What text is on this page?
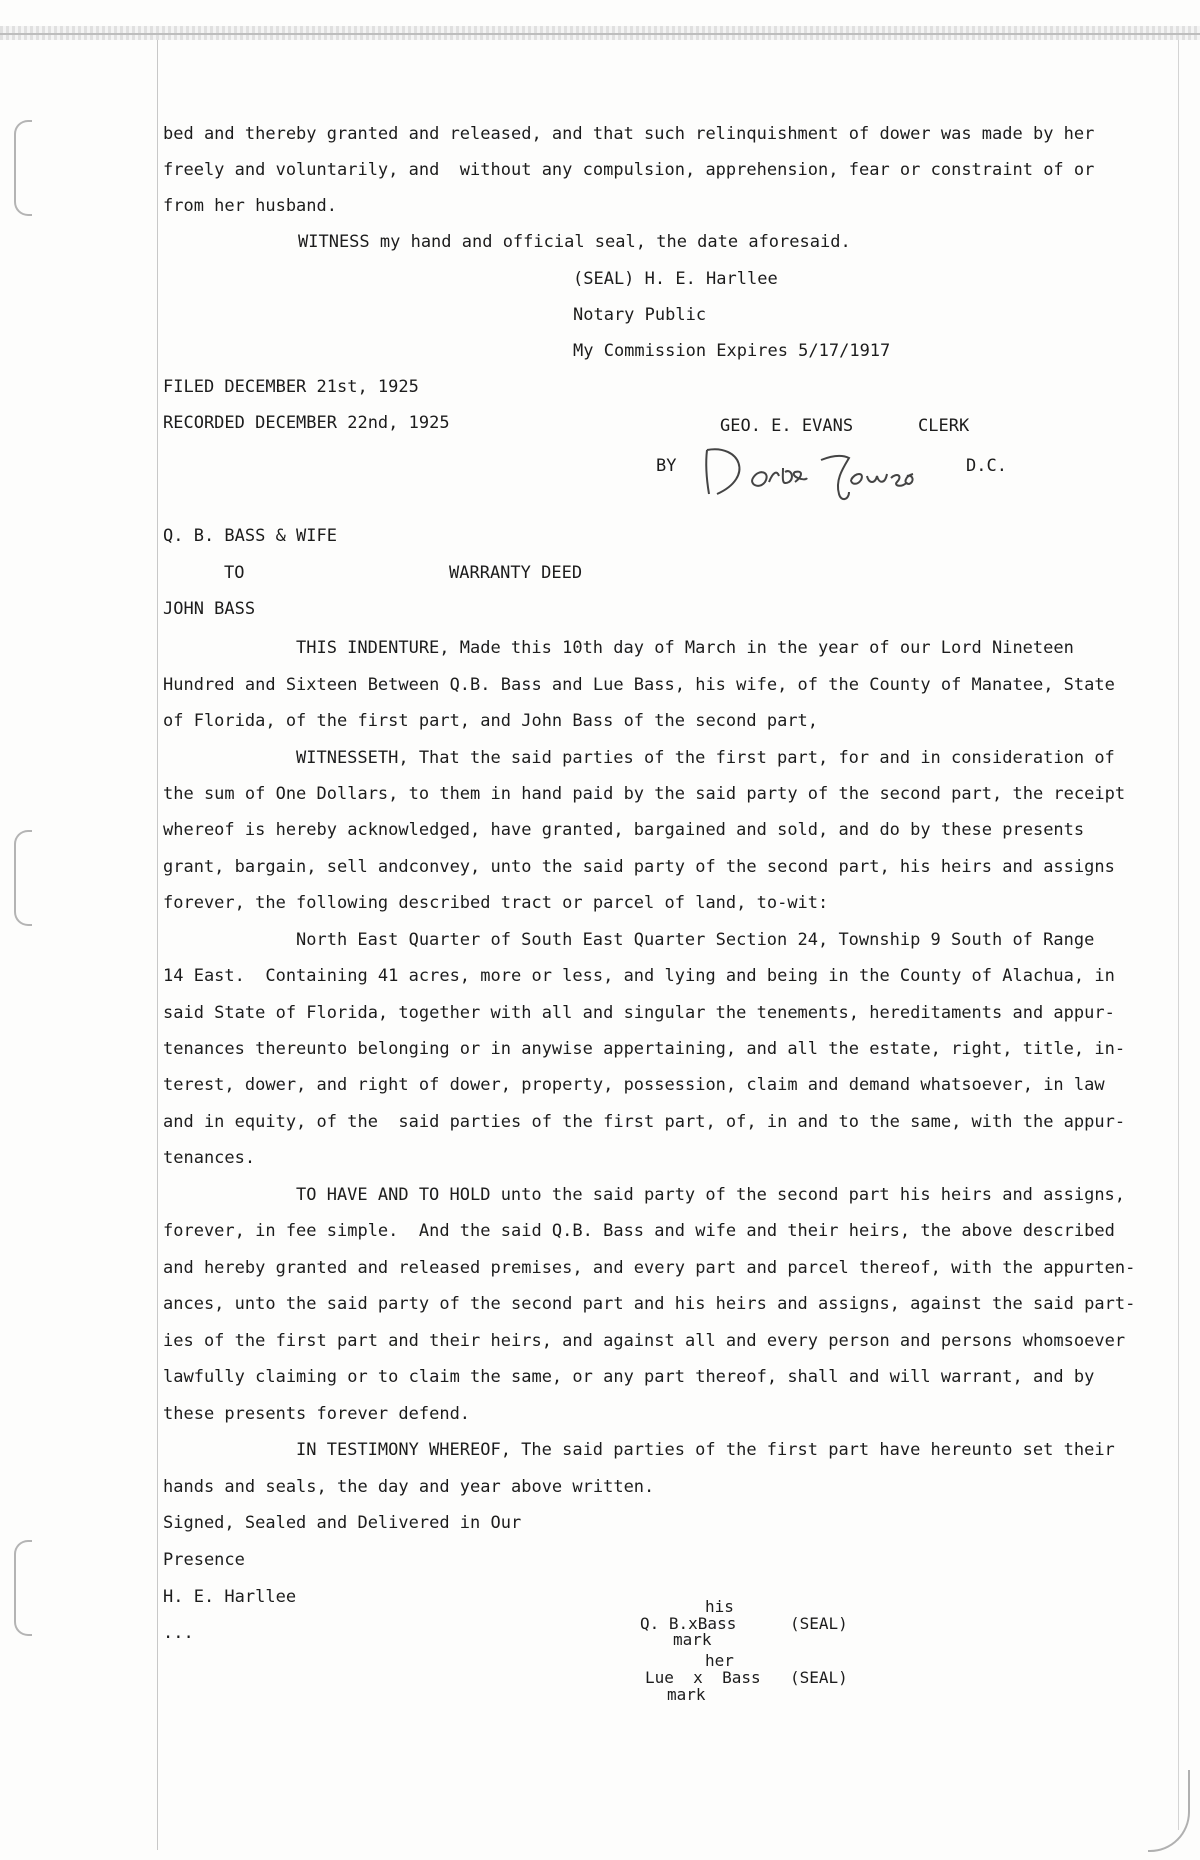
bed and thereby granted and released, and that such relinquishment of dower was made by her
freely and voluntarily, and  without any compulsion, apprehension, fear or constraint of or
from her husband.
WITNESS my hand and official seal, the date aforesaid.
(SEAL) H. E. Harllee
Notary Public
My Commission Expires 5/17/1917
FILED DECEMBER 21st, 1925
RECORDED DECEMBER 22nd, 1925	GEO. E. EVANS	CLERK
BY	D.C.
Q. B. BASS & WIFE
TO	WARRANTY DEED
JOHN BASS
THIS INDENTURE, Made this 10th day of March in the year of our Lord Nineteen
Hundred and Sixteen Between Q.B. Bass and Lue Bass, his wife, of the County of Manatee, State
of Florida, of the first part, and John Bass of the second part,
WITNESSETH, That the said parties of the first part, for and in consideration of
the sum of One Dollars, to them in hand paid by the said party of the second part, the receipt
whereof is hereby acknowledged, have granted, bargained and sold, and do by these presents
grant, bargain, sell andconvey, unto the said party of the second part, his heirs and assigns
forever, the following described tract or parcel of land, to-wit:
North East Quarter of South East Quarter Section 24, Township 9 South of Range
14 East.  Containing 41 acres, more or less, and lying and being in the County of Alachua, in
said State of Florida, together with all and singular the tenements, hereditaments and appur-
tenances thereunto belonging or in anywise appertaining, and all the estate, right, title, in-
terest, dower, and right of dower, property, possession, claim and demand whatsoever, in law
and in equity, of the  said parties of the first part, of, in and to the same, with the appur-
tenances.
TO HAVE AND TO HOLD unto the said party of the second part his heirs and assigns,
forever, in fee simple.  And the said Q.B. Bass and wife and their heirs, the above described
and hereby granted and released premises, and every part and parcel thereof, with the appurten-
ances, unto the said party of the second part and his heirs and assigns, against the said part-
ies of the first part and their heirs, and against all and every person and persons whomsoever
lawfully claiming or to claim the same, or any part thereof, shall and will warrant, and by
these presents forever defend.
IN TESTIMONY WHEREOF, The said parties of the first part have hereunto set their
hands and seals, the day and year above written.
Signed, Sealed and Delivered in Our
Presence
H. E. Harllee
...
his
Q. B.xBass	(SEAL)
mark
her
Lue  x  Bass (SEAL)
mark
